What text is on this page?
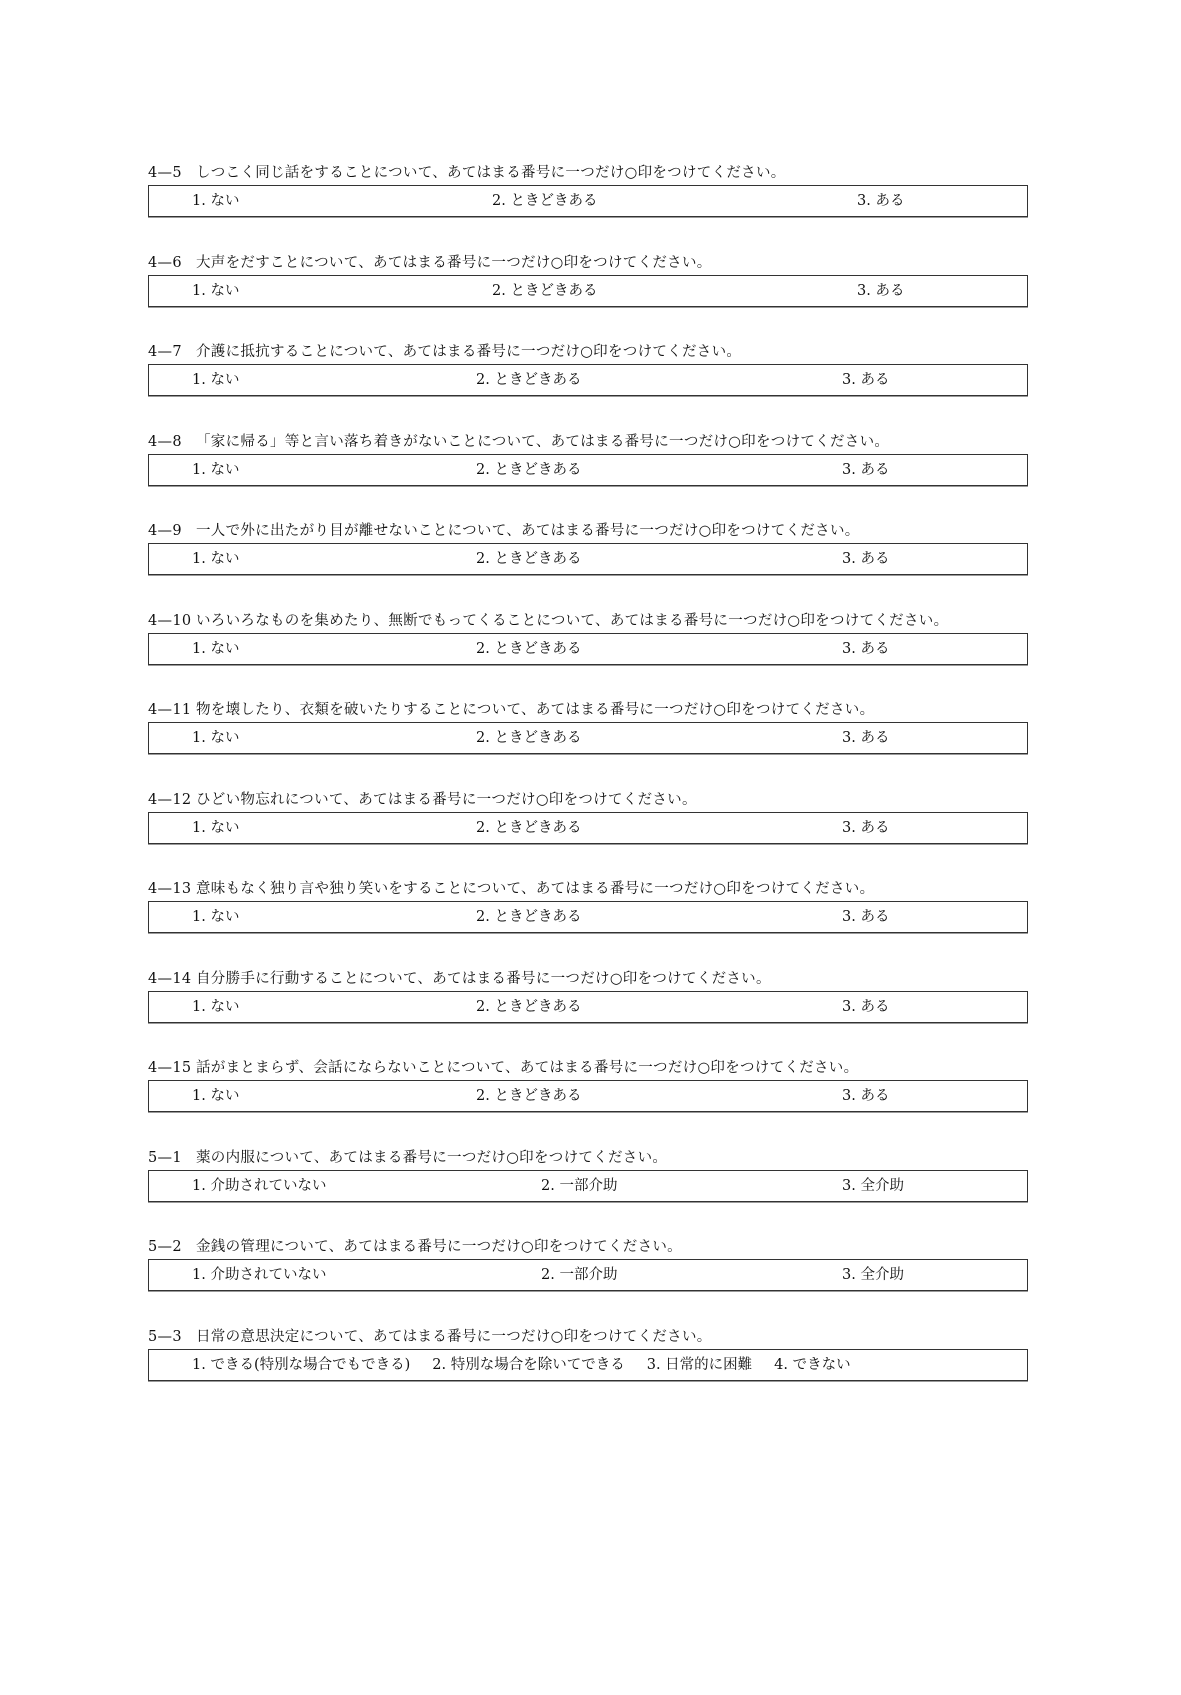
4—5 しつこく同じ話をすることについて、あてはまる番号に一つだけ○印をつけてください。
1. ない	2. ときどきある	3. ある
4—6 大声をだすことについて、あてはまる番号に一つだけ○印をつけてください。
1. ない	2. ときどきある	3. ある
4—7 介護に抵抗することについて、あてはまる番号に一つだけ○印をつけてください。
1. ない	2. ときどきある	3. ある
4—8 「家に帰る」等と言い落ち着きがないことについて、あてはまる番号に一つだけ○印をつけてください。
1. ない	2. ときどきある	3. ある
4—9 一人で外に出たがり目が離せないことについて、あてはまる番号に一つだけ○印をつけてください。
1. ない	2. ときどきある	3. ある
4—10 いろいろなものを集めたり、無断でもってくることについて、あてはまる番号に一つだけ○印をつけてください。
1. ない	2. ときどきある	3. ある
4—11 物を壊したり、衣類を破いたりすることについて、あてはまる番号に一つだけ○印をつけてください。
1. ない	2. ときどきある	3. ある
4—12 ひどい物忘れについて、あてはまる番号に一つだけ○印をつけてください。
1. ない	2. ときどきある	3. ある
4—13 意味もなく独り言や独り笑いをすることについて、あてはまる番号に一つだけ○印をつけてください。
1. ない	2. ときどきある	3. ある
4—14 自分勝手に行動することについて、あてはまる番号に一つだけ○印をつけてください。
1. ない	2. ときどきある	3. ある
4—15 話がまとまらず、会話にならないことについて、あてはまる番号に一つだけ○印をつけてください。
1. ない	2. ときどきある	3. ある
5—1 薬の内服について、あてはまる番号に一つだけ○印をつけてください。
1. 介助されていない	2. 一部介助	3. 全介助
5—2 金銭の管理について、あてはまる番号に一つだけ○印をつけてください。
1. 介助されていない	2. 一部介助	3. 全介助
5—3 日常の意思決定について、あてはまる番号に一つだけ○印をつけてください。
1. できる(特別な場合でもできる) 2. 特別な場合を除いてできる 3. 日常的に困難 4. できない
